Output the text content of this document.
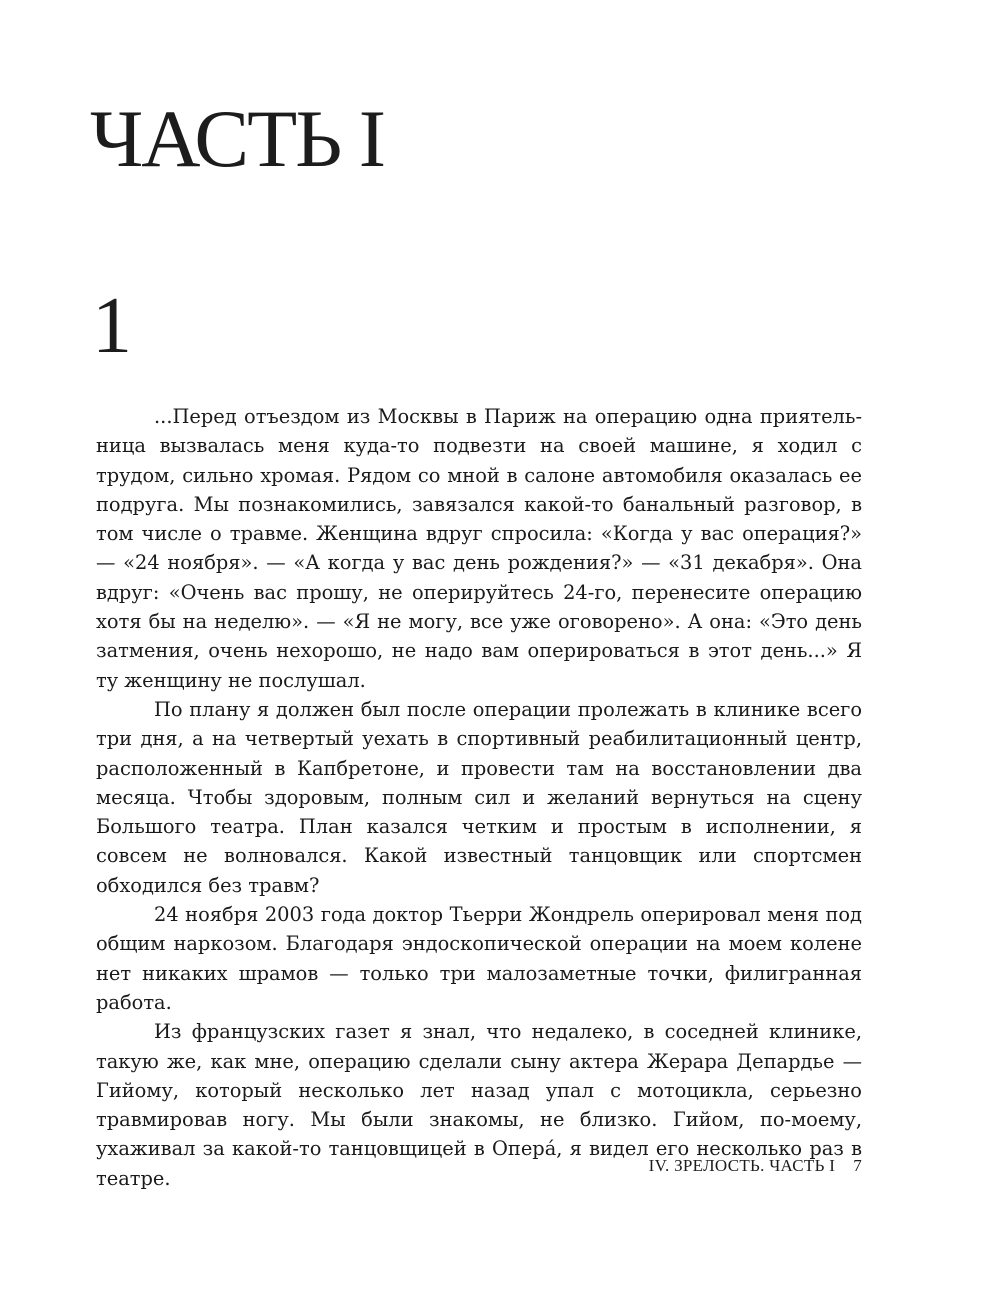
ЧАСТЬ I
1

...Перед отъездом из Москвы в Париж на операцию одна приятельница вызвалась меня куда-то подвезти на своей машине, я ходил с трудом, сильно хромая. Рядом со мной в салоне автомобиля оказалась ее подруга. Мы познакомились, завязался какой-то банальный разговор, в том числе о травме. Женщина вдруг спросила: «Когда у вас операция?» — «24 ноября». — «А когда у вас день рождения?» — «31 декабря». Она вдруг: «Очень вас прошу, не оперируйтесь 24-го, перенесите операцию хотя бы на неделю». — «Я не могу, все уже оговорено». А она: «Это день затмения, очень нехорошо, не надо вам оперироваться в этот день...» Я ту женщину не послушал.

По плану я должен был после операции пролежать в клинике всего три дня, а на четвертый уехать в спортивный реабилитационный центр, расположенный в Капбретоне, и провести там на восстановлении два месяца. Чтобы здоровым, полным сил и желаний вернуться на сцену Большого театра. План казался четким и простым в исполнении, я совсем не волновался. Какой известный танцовщик или спортсмен обходился без травм?

24 ноября 2003 года доктор Тьерри Жондрель оперировал меня под общим наркозом. Благодаря эндоскопической операции на моем колене нет никаких шрамов — только три малозаметные точки, филигранная работа.

Из французских газет я знал, что недалеко, в соседней клинике, такую же, как мне, операцию сделали сыну актера Жерара Депардье — Гийому, который несколько лет назад упал с мотоцикла, серьезно травмировав ногу. Мы были знакомы, не близко. Гийом, по-моему, ухаживал за какой-то танцовщицей в Опера́, я видел его несколько раз в театре.

IV. ЗРЕЛОСТЬ. ЧАСТЬ I 7
